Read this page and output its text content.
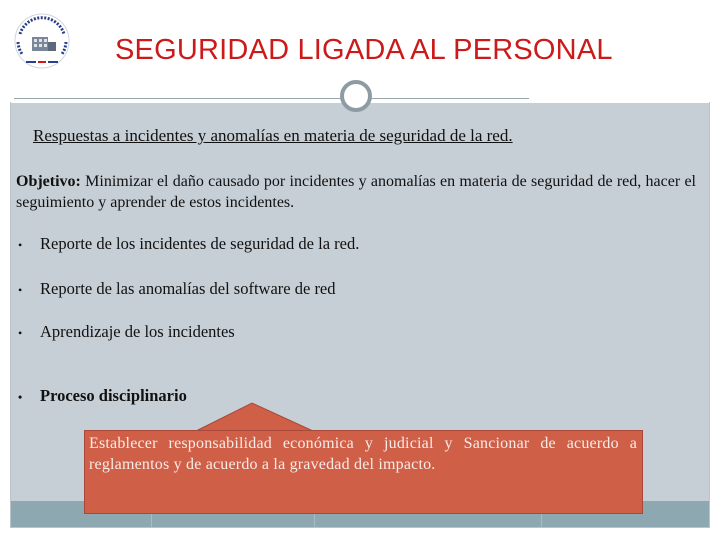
SEGURIDAD LIGADA AL PERSONAL
Respuestas a incidentes y anomalías en materia de seguridad de la red.
Objetivo: Minimizar el daño causado por incidentes y anomalías en materia de seguridad de red, hacer el seguimiento y aprender de estos incidentes.
• Reporte de los incidentes de seguridad de la red.
• Reporte de las anomalías del software de red
• Aprendizaje de los incidentes
• Proceso disciplinario
Establecer responsabilidad económica y judicial y Sancionar de acuerdo a reglamentos y de acuerdo a la gravedad del impacto.
